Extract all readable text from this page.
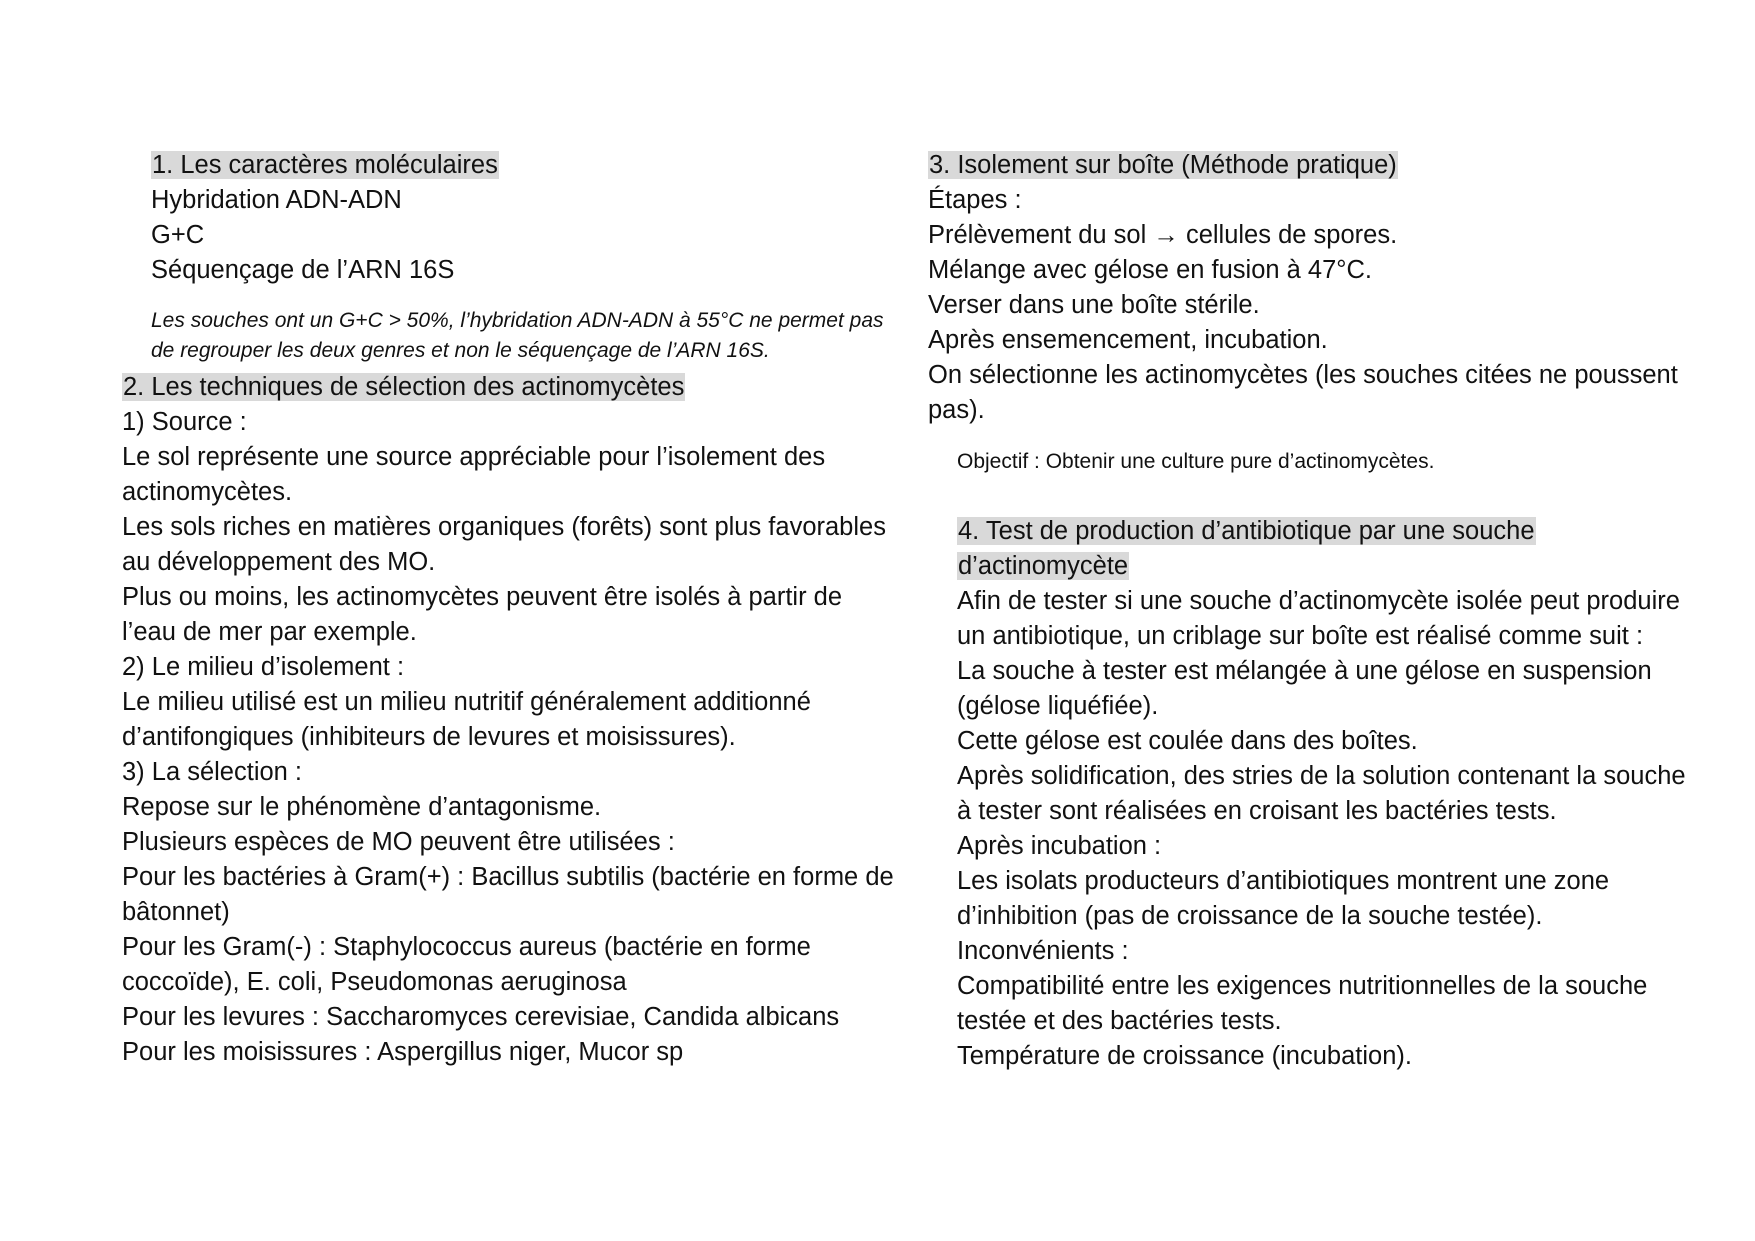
1. Les caractères moléculaires
Hybridation ADN-ADN
G+C
Séquençage de l’ARN 16S
Les souches ont un G+C > 50%, l’hybridation ADN-ADN à 55°C ne permet pas
de regrouper les deux genres et non le séquençage de l’ARN 16S.
2. Les techniques de sélection des actinomycètes
1) Source :
Le sol représente une source appréciable pour l’isolement des
actinomycètes.
Les sols riches en matières organiques (forêts) sont plus favorables
au développement des MO.
Plus ou moins, les actinomycètes peuvent être isolés à partir de
l’eau de mer par exemple.
2) Le milieu d’isolement :
Le milieu utilisé est un milieu nutritif généralement additionné
d’antifongiques (inhibiteurs de levures et moisissures).
3) La sélection :
Repose sur le phénomène d’antagonisme.
Plusieurs espèces de MO peuvent être utilisées :
Pour les bactéries à Gram(+) : Bacillus subtilis (bactérie en forme de
bâtonnet)
Pour les Gram(-) : Staphylococcus aureus (bactérie en forme
coccoïde), E. coli, Pseudomonas aeruginosa
Pour les levures : Saccharomyces cerevisiae, Candida albicans
Pour les moisissures : Aspergillus niger, Mucor sp
3. Isolement sur boîte (Méthode pratique)
Étapes :
Prélèvement du sol → cellules de spores.
Mélange avec gélose en fusion à 47°C.
Verser dans une boîte stérile.
Après ensemencement, incubation.
On sélectionne les actinomycètes (les souches citées ne poussent
pas).
Objectif : Obtenir une culture pure d’actinomycètes.
4. Test de production d’antibiotique par une souche
d’actinomycète
Afin de tester si une souche d’actinomycète isolée peut produire
un antibiotique, un criblage sur boîte est réalisé comme suit :
La souche à tester est mélangée à une gélose en suspension
(gélose liquéfiée).
Cette gélose est coulée dans des boîtes.
Après solidification, des stries de la solution contenant la souche
à tester sont réalisées en croisant les bactéries tests.
Après incubation :
Les isolats producteurs d’antibiotiques montrent une zone
d’inhibition (pas de croissance de la souche testée).
Inconvénients :
Compatibilité entre les exigences nutritionnelles de la souche
testée et des bactéries tests.
Température de croissance (incubation).
